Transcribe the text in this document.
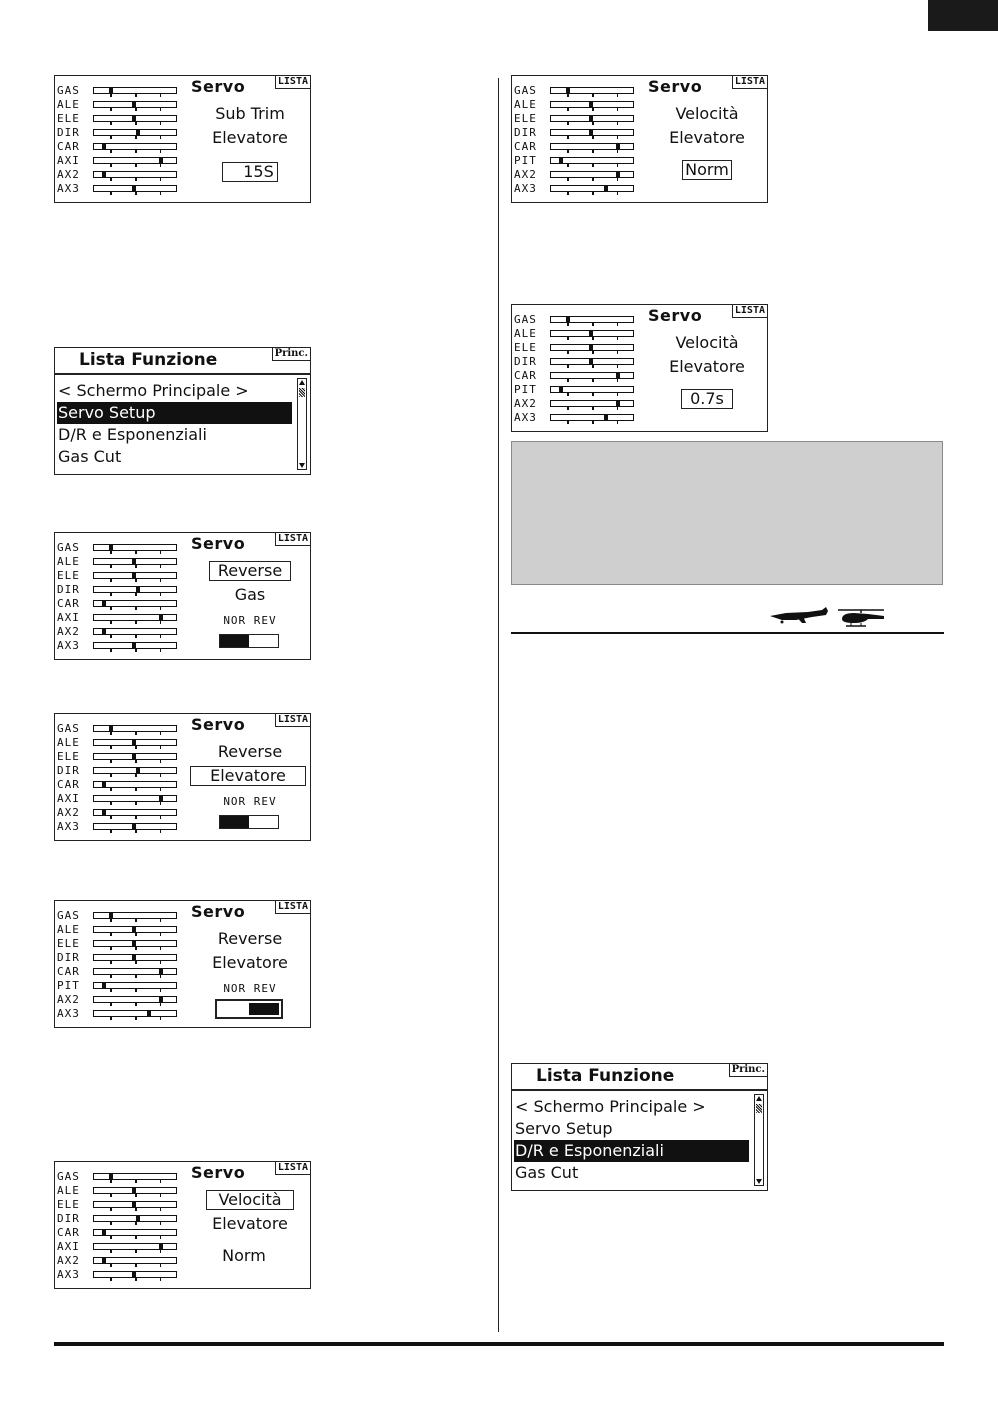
Servo	LISTA
Sub Trim
Elevatore
15S
GAS
ALE
ELE
DIR
CAR
AXI
AX2
AX3
Lista Funzione	Princ.
< Schermo Principale >
Servo Setup
D/R e Esponenziali
Gas Cut
Servo	LISTA
Reverse
Gas
NOR REV
GAS
ALE
ELE
DIR
CAR
AXI
AX2
AX3
Servo	LISTA
Reverse
Elevatore
NOR REV
GAS
ALE
ELE
DIR
CAR
AXI
AX2
AX3
Servo	LISTA
Reverse
Elevatore
NOR REV
GAS
ALE
ELE
DIR
CAR
PIT
AX2
AX3
Servo	LISTA
Velocità
Elevatore
Norm
GAS
ALE
ELE
DIR
CAR
AXI
AX2
AX3
Servo	LISTA
Velocità
Elevatore
Norm
GAS
ALE
ELE
DIR
CAR
PIT
AX2
AX3
Servo	LISTA
Velocità
Elevatore
0.7s
GAS
ALE
ELE
DIR
CAR
PIT
AX2
AX3
Lista Funzione	Princ.
< Schermo Principale >
Servo Setup
D/R e Esponenziali
Gas Cut
